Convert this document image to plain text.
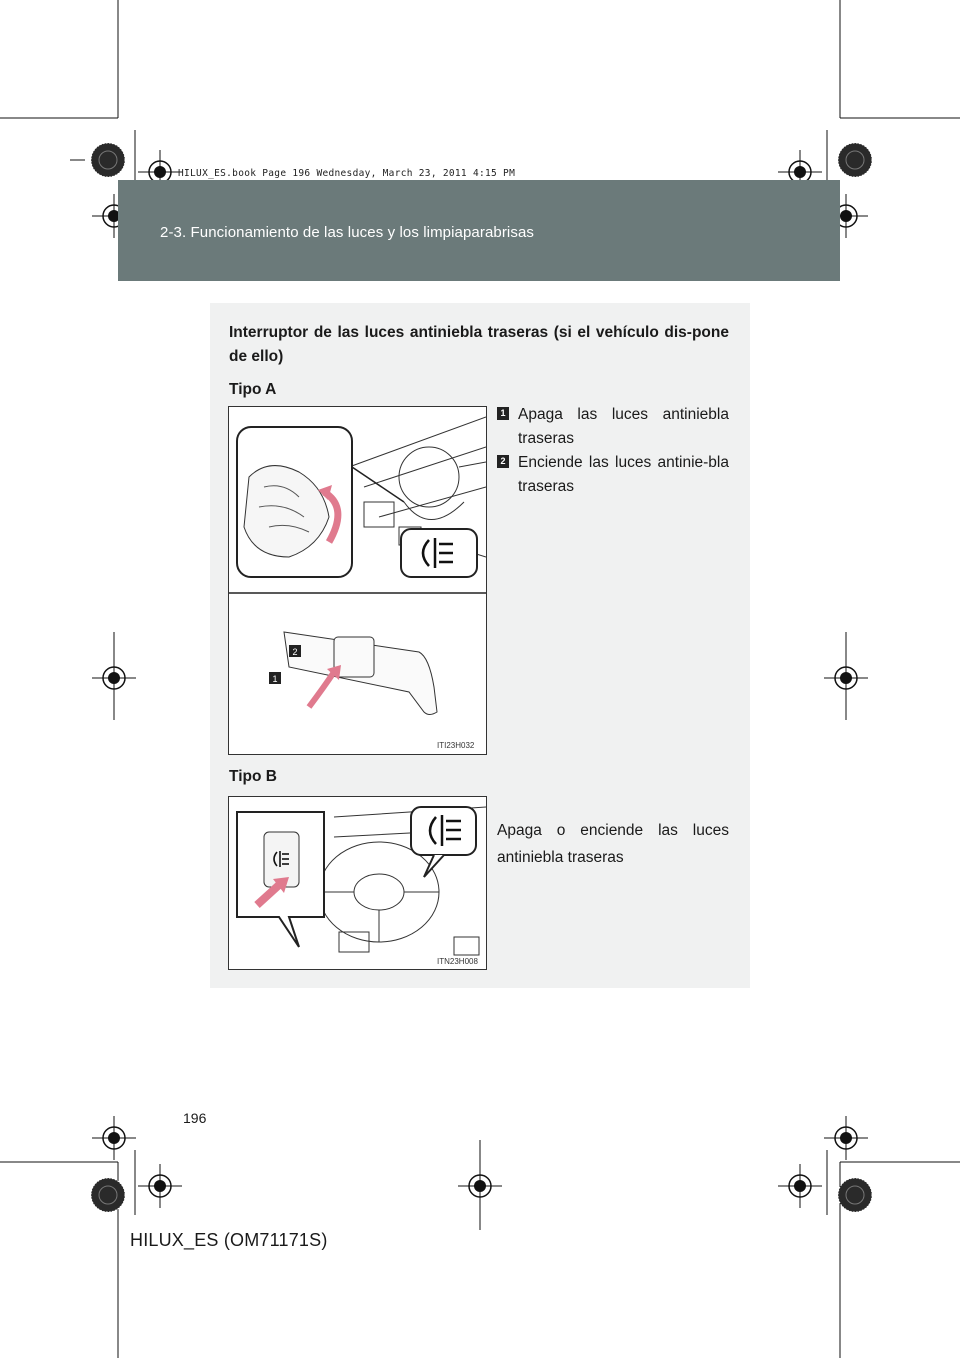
2-3. Funcionamiento de las luces y los limpiaparabrisas
HILUX_ES.book Page 196 Wednesday, March 23, 2011 4:15 PM
Interruptor de las luces antiniebla traseras (si el vehículo dis-pone de ello)
Tipo A
2
1
ITI23H032
1 Apaga las luces antiniebla traseras
2 Enciende las luces antinie-bla traseras
Tipo B
ITN23H008
Apaga o enciende las luces antiniebla traseras
196
HILUX_ES (OM71171S)
